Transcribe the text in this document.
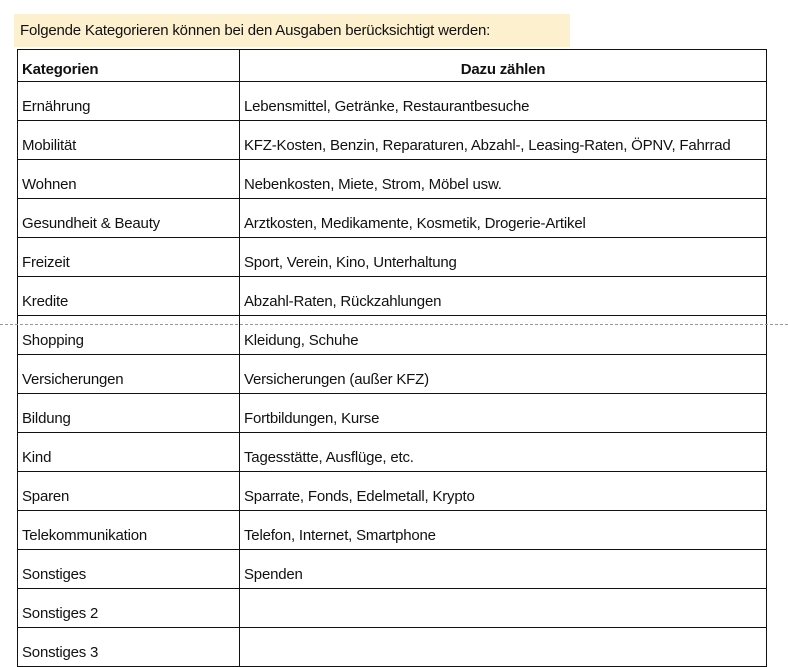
Folgende Kategorieren können bei den Ausgaben berücksichtigt werden:
Kategorien	Dazu zählen
Ernährung	Lebensmittel, Getränke, Restaurantbesuche
Mobilität	KFZ-Kosten, Benzin, Reparaturen, Abzahl-, Leasing-Raten, ÖPNV, Fahrrad
Wohnen	Nebenkosten, Miete, Strom, Möbel usw.
Gesundheit & Beauty	Arztkosten, Medikamente, Kosmetik, Drogerie-Artikel
Freizeit	Sport, Verein, Kino, Unterhaltung
Kredite	Abzahl-Raten, Rückzahlungen
Shopping	Kleidung, Schuhe
Versicherungen	Versicherungen (außer KFZ)
Bildung	Fortbildungen, Kurse
Kind	Tagesstätte, Ausflüge, etc.
Sparen	Sparrate, Fonds, Edelmetall, Krypto
Telekommunikation	Telefon, Internet, Smartphone
Sonstiges	Spenden
Sonstiges 2	
Sonstiges 3	
